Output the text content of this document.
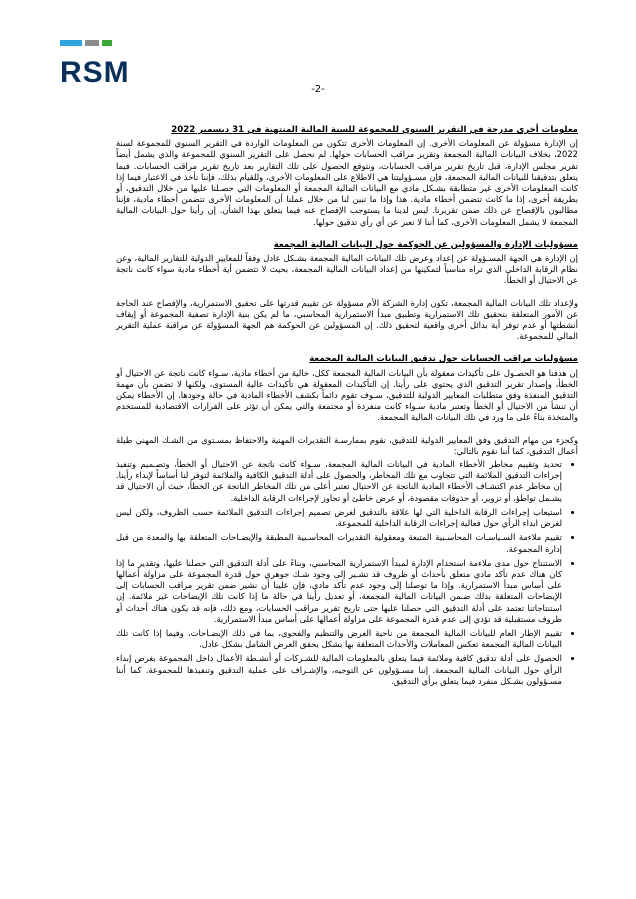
RSM
-2-
معلومات أخرى مدرجة في التقرير السنوي للمجموعة للسنة المالية المنتهية في 31 ديسمبر 2022

إن الإدارة مسؤولة عن المعلومات الأخرى. إن المعلومات الأخرى تتكون من المعلومات الواردة في التقرير السنوي للمجموعة لسنة 2022، بخلاف البيانات المالية المجمعة وتقرير مراقب الحسابات حولها. لم نحصل على التقرير السنوي للمجموعة والذي يشمل أيضاً تقرير مجلس الإدارة، قبل تاريخ تقرير مراقب الحسابات، ونتوقع الحصول على تلك التقارير بعد تاريخ تقرير مراقب الحسابات. فيما يتعلق بتدقيقنا للبيانات المالية المجمعة، فإن مسـؤوليتنا هي الاطلاع على المعلومات الأخرى، وللقيام بذلك، فإننا نأخذ في الاعتبار فيما إذا كانت المعلومات الأخرى غير متطابقة بشـكل مادي مع البيانات المالية المجمعة أو المعلومات التي حصـلنا عليها من خلال التدقيق، أو بطريقة أخرى، إذا ما كانت تتضمن أخطاء مادية. هذا وإذا ما تبين لنا من خلال عملنا أن المعلومات الأخرى تتضمن أخطاء مادية، فإننا مطالبون بالإفصاح عن ذلك ضمن تقريرنا. ليس لدينا ما يستوجب الإفصاح عنه فيما يتعلق بهذا الشأن. إن رأينا حول البيانات المالية المجمعة لا يشمل المعلومات الأخرى، كما أننا لا نعبر عن أي رأي تدقيق حولها.

مسؤوليات الإدارة والمسؤولين عن الحوكمة حول البيانات المالية المجمعة

إن الإدارة هي الجهة المسـؤولة عن إعداد وعرض تلك البيانات المالية المجمعة بشـكل عادل وفقاً للمعايير الدولية للتقارير المالية، وعن نظام الرقابة الداخلي الذي تراه مناسباً لتمكينها من إعداد البيانات المالية المجمعة، بحيث لا تتضمن أية أخطاء مادية سواء كانت ناتجة عن الاحتيال أو الخطأ.

ولإعداد تلك البيانات المالية المجمعة، تكون إدارة الشركة الأم مسؤولة عن تقييم قدرتها على تحقيق الاستمرارية، والإفصاح عند الحاجة عن الأمور المتعلقة بتحقيق تلك الاستمرارية وتطبيق مبدأ الاستمرارية المحاسبي، ما لم يكن بنية الإدارة تصفية المجموعة أو إيقاف أنشطتها أو عدم توفر أية بدائل أخرى واقعية لتحقيق ذلك. إن المسؤولين عن الحوكمة هم الجهة المسؤولة عن مراقبة عملية التقرير المالي للمجموعة.

مسؤوليات مراقب الحسابات حول تدقيق البيانات المالية المجمعة

إن هدفنا هو الحصـول على تأكيدات معقولة بأن البيانات المالية المجمعة ككل، خالية من أخطاء مادية، سـواء كانت ناتجة عن الاحتيال أو الخطأ، وإصدار تقرير التدقيق الذي يحتوي على رأينا. إن التأكيدات المعقولة هي تأكيدات عالية المستوى، ولكنها لا تضمن بأن مهمة التدقيق المنفذة وفق متطلبات المعايير الدولية للتدقيق، سـوف تقوم دائماً بكشف الأخطاء المادية في حالة وجودها. إن الأخطاء يمكن أن تنشأ من الاحتيال أو الخطأ وتعتبر مادية سـواء كانت منفردة أو مجتمعة والتي يمكن أن تؤثر على القرارات الاقتصادية للمستخدم والمتخذة بناءً على ما ورد في تلك البيانات المالية المجمعة.

وكجزء من مهام التدقيق وفق المعايير الدولية للتدقيق، نقوم بممارسـة التقديرات المهنية والاحتفاظ بمسـتوى من الشـك المهني طيلة أعمال التدقيق، كما أننا نقوم بالتالي:

• تحديد وتقييم مخاطر الأخطاء المادية في البيانات المالية المجمعة، سـواء كانت ناتجة عن الاحتيال أو الخطأ، وتصـميم وتنفيذ إجراءات التدقيق الملائمة التي تتجاوب مع تلك المخاطر، والحصول على أدلة التدقيق الكافية والملائمة لتوفر لنا أساساً لإبداء رأينا. إن مخاطر عدم اكتشـاف الأخطاء المادية الناتجة عن الاحتيال تعتبر أعلى من تلك المخاطر الناتجة عن الخطأ، حيث أن الاحتيال قد يشـمل تواطؤ، أو تزوير، أو حذوفات مقصودة، أو عرض خاطئ أو تجاوز لإجراءات الرقابة الداخلية.
• استيعاب إجراءات الرقابة الداخلية التي لها علاقة بالتدقيق لغرض تصميم إجراءات التدقيق الملائمة حسب الظروف، ولكن ليس لغرض ابداء الرأي حول فعالية إجراءات الرقابة الداخلية للمجموعة.
• تقييم ملاءمة السـياسـات المحاسـبية المتبعة ومعقولية التقديرات المحاسـبية المطبقة والإيضـاحات المتعلقة بها والمعدة من قبل إدارة المجموعة.
• الاستنتاج حول مدى ملاءمة استخدام الإدارة لمبدأ الاستمرارية المحاسبي، وبناءً على أدلة التدقيق التي حصلنا عليها، وتقدير ما إذا كان هناك عدم تأكد مادي متعلق بأحداث أو ظروف قد تشـير إلى وجود شـك جوهري حول قدرة المجموعة على مزاولة أعمالها على أساس مبدأ الاستمرارية. وإذا ما توصلنا إلى وجود عدم تأكد مادي، فإن علينا أن نشير ضمن تقرير مراقب الحسابات إلى الإيضاحات المتعلقة بذلك ضـمن البيانات المالية المجمعة، أو تعديل رأينا في حالة ما إذا كانت تلك الإيضاحات غير ملائمة. إن استنتاجاتنا تعتمد على أدلة التدقيق التي حصلنا عليها حتى تاريخ تقرير مراقب الحسابات، ومع ذلك، فإنه قد يكون هناك أحداث أو ظروف مستقبلية قد تؤدي إلى عدم قدرة المجموعة على مزاولة أعمالها على أساس مبدأ الاستمرارية.
• تقييم الإطار العام للبيانات المالية المجمعة من ناحية العرض والتنظيم والفحوى، بما في ذلك الإيضـاحات، وفيما إذا كانت تلك البيانات المالية المجمعة تعكس المعاملات والأحداث المتعلقة بها بشكل يحقق العرض الشامل بشكل عادل.
• الحصول على أدلة تدقيق كافية وملائمة فيما يتعلق بالمعلومات المالية للشـركات أو أنشـطة الأعمال داخل المجموعة بغرض إبداء الرأي حول البيانات المالية المجمعة. إننا مسـؤولون عن التوجيه، والإشـراف على عملية التدقيق وتنفيذها للمجموعة. كما أننا مسـؤولون بشـكل منفرد فيما يتعلق برأي التدقيق.
